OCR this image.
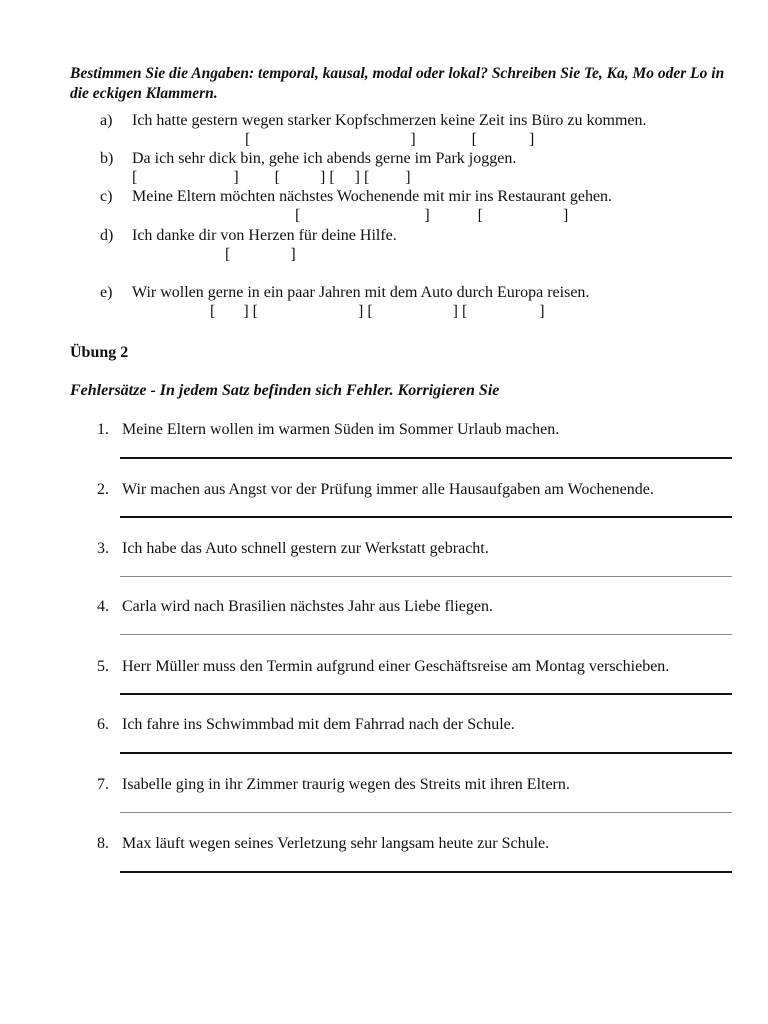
Bestimmen Sie die Angaben: temporal, kausal, modal oder lokal? Schreiben Sie Te, Ka, Mo oder Lo in die eckigen Klammern.
a) Ich hatte gestern wegen starker Kopfschmerzen keine Zeit ins Büro zu kommen.
[                                        ]              [             ]
b) Da ich sehr dick bin, gehe ich abends gerne im Park joggen.
[                        ]         [          ] [     ] [         ]
c) Meine Eltern möchten nächstes Wochenende mit mir ins Restaurant gehen.
[                               ]            [                    ]
d) Ich danke dir von Herzen für deine Hilfe.
[               ]
e) Wir wollen gerne in ein paar Jahren mit dem Auto durch Europa reisen.
[       ] [                         ] [                    ] [                  ]
Übung 2
Fehlersätze - In jedem Satz befinden sich Fehler. Korrigieren Sie
1. Meine Eltern wollen im warmen Süden im Sommer Urlaub machen.
2. Wir machen aus Angst vor der Prüfung immer alle Hausaufgaben am Wochenende.
3. Ich habe das Auto schnell gestern zur Werkstatt gebracht.
4. Carla wird nach Brasilien nächstes Jahr aus Liebe fliegen.
5. Herr Müller muss den Termin aufgrund einer Geschäftsreise am Montag verschieben.
6. Ich fahre ins Schwimmbad mit dem Fahrrad nach der Schule.
7. Isabelle ging in ihr Zimmer traurig wegen des Streits mit ihren Eltern.
8. Max läuft wegen seines Verletzung sehr langsam heute zur Schule.
